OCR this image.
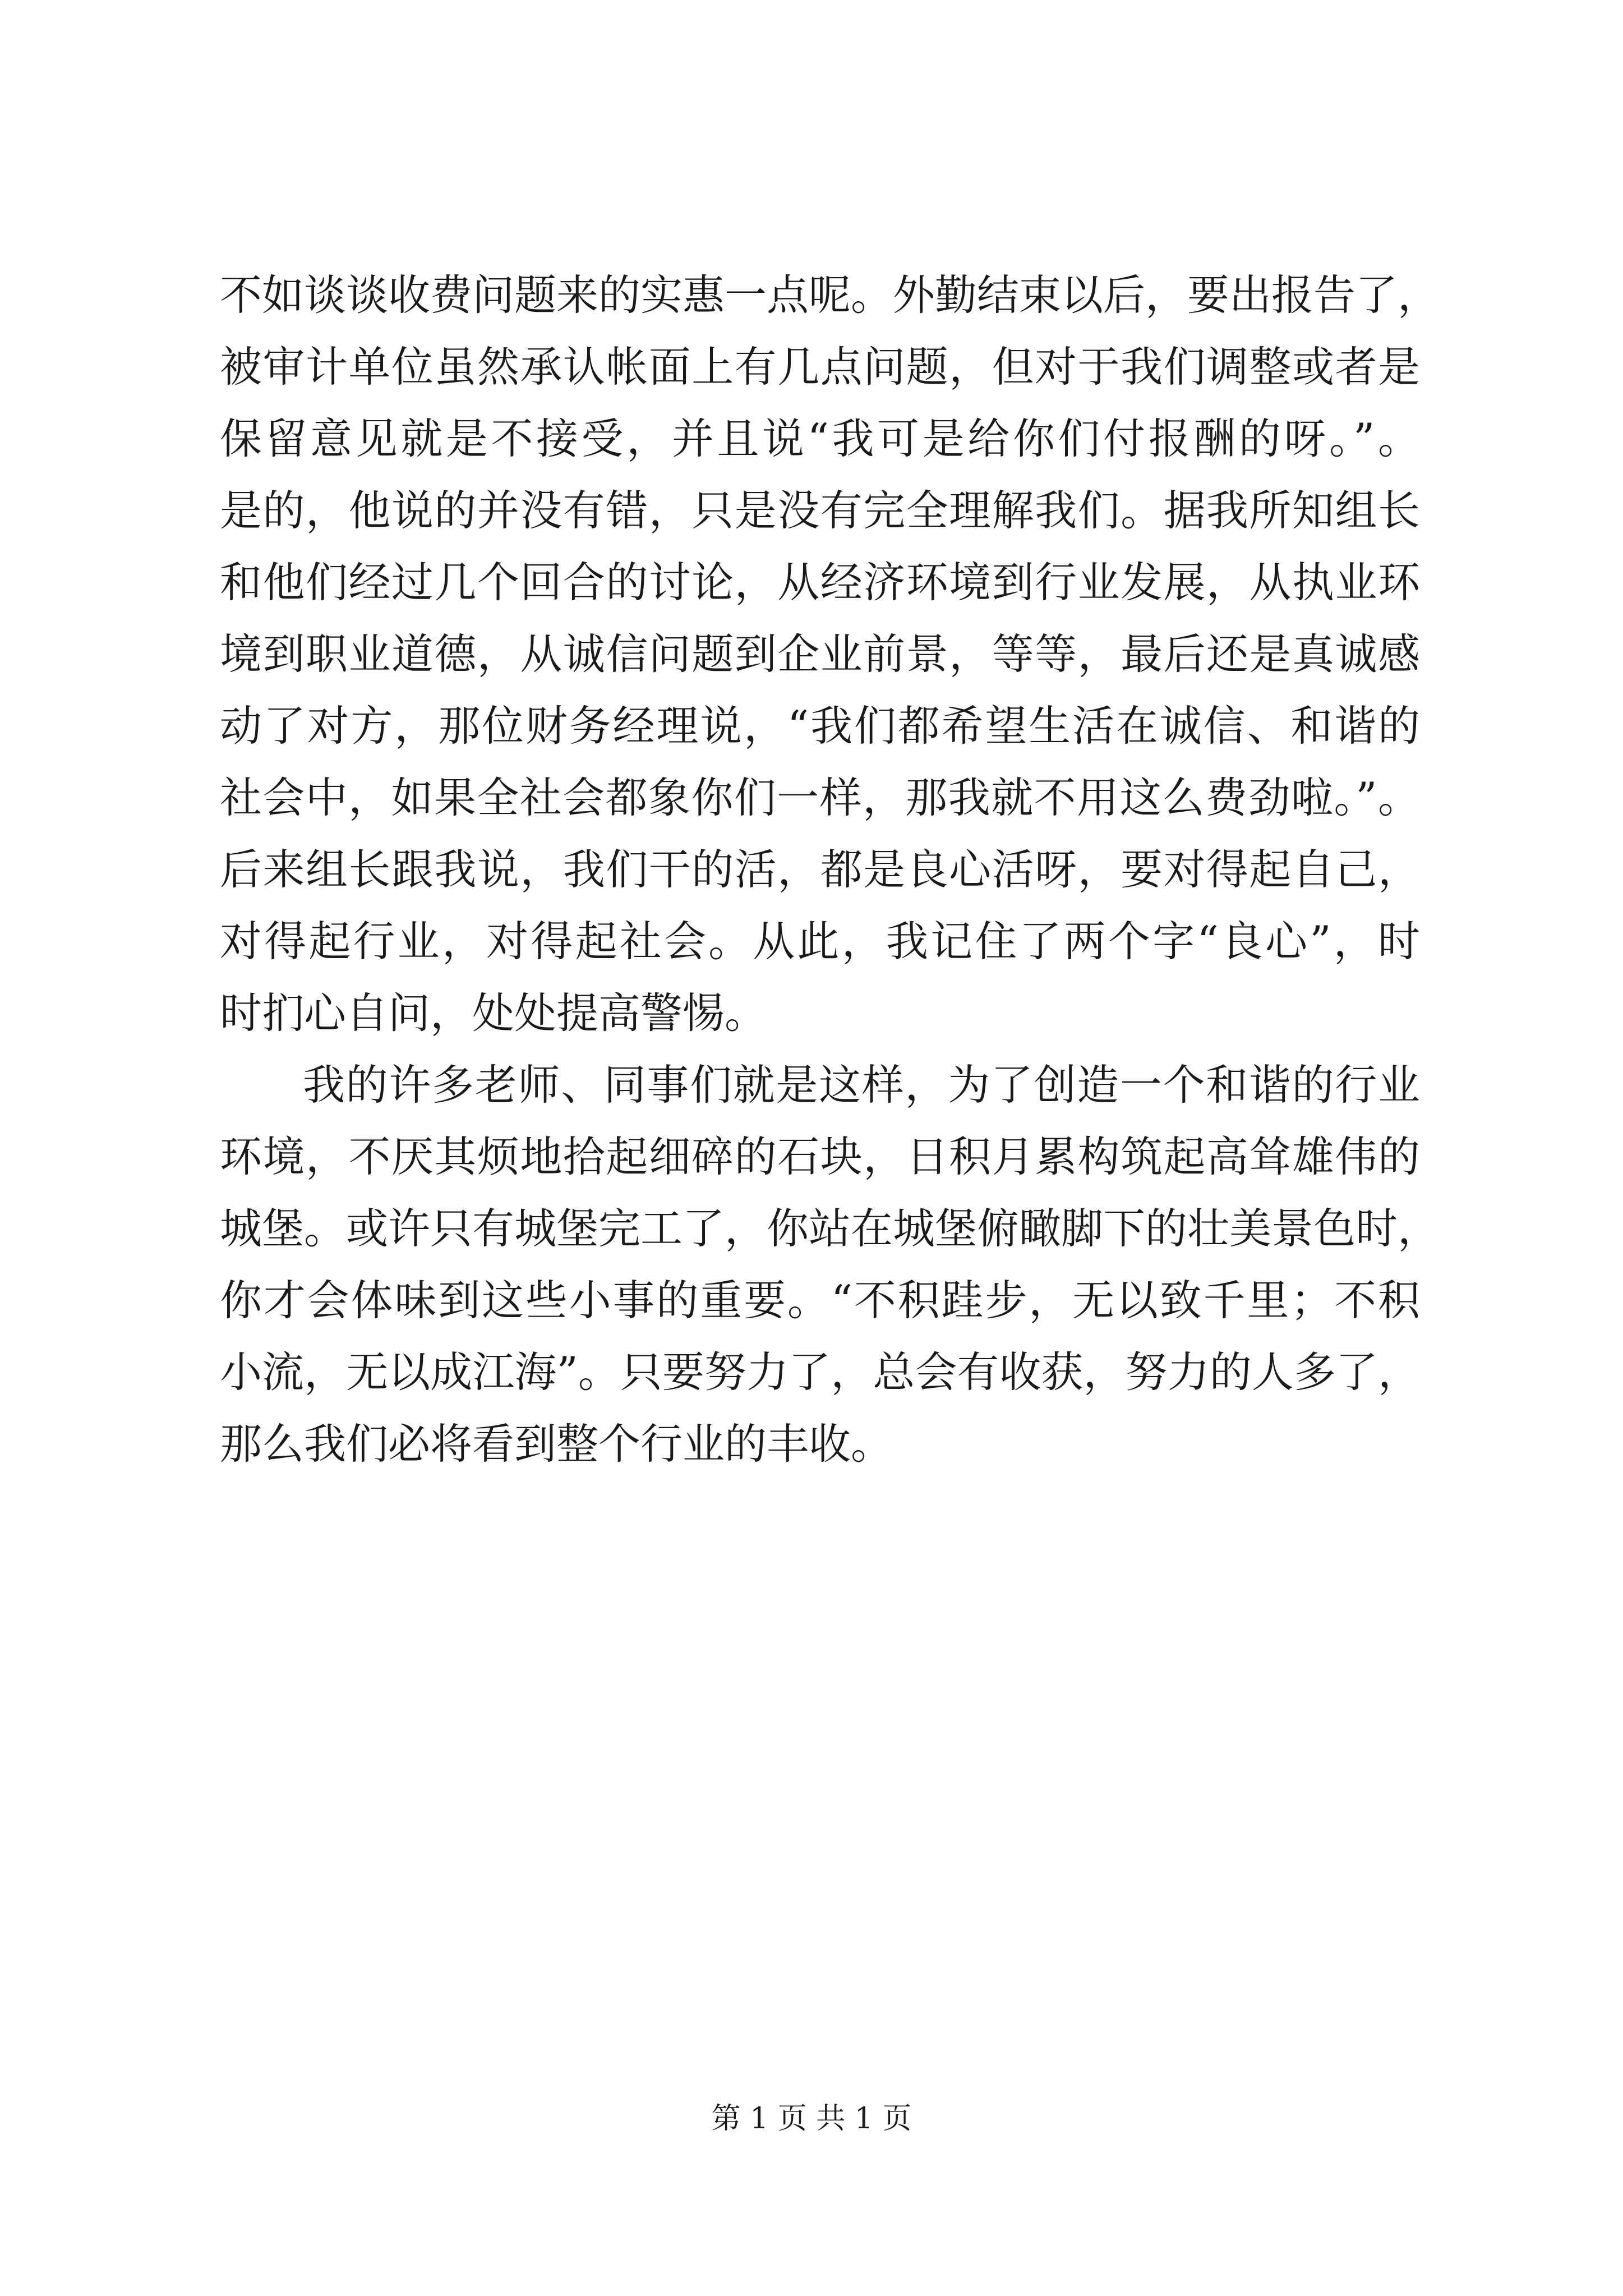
不如谈谈收费问题来的实惠一点呢。外勤结束以后，要出报告了，
被审计单位虽然承认帐面上有几点问题，但对于我们调整或者是
保留意见就是不接受，并且说“我可是给你们付报酬的呀。”。
是的，他说的并没有错，只是没有完全理解我们。据我所知组长
和他们经过几个回合的讨论，从经济环境到行业发展，从执业环
境到职业道德，从诚信问题到企业前景，等等，最后还是真诚感
动了对方，那位财务经理说，“我们都希望生活在诚信、和谐的
社会中，如果全社会都象你们一样，那我就不用这么费劲啦。”。
后来组长跟我说，我们干的活，都是良心活呀，要对得起自己，
对得起行业，对得起社会。从此，我记住了两个字“良心”，时
时扪心自问，处处提高警惕。
我的许多老师、同事们就是这样，为了创造一个和谐的行业
环境，不厌其烦地拾起细碎的石块，日积月累构筑起高耸雄伟的
城堡。或许只有城堡完工了，你站在城堡俯瞰脚下的壮美景色时，
你才会体味到这些小事的重要。“不积跬步，无以致千里；不积
小流，无以成江海”。只要努力了，总会有收获，努力的人多了，
那么我们必将看到整个行业的丰收。
第 1 页 共 1 页
